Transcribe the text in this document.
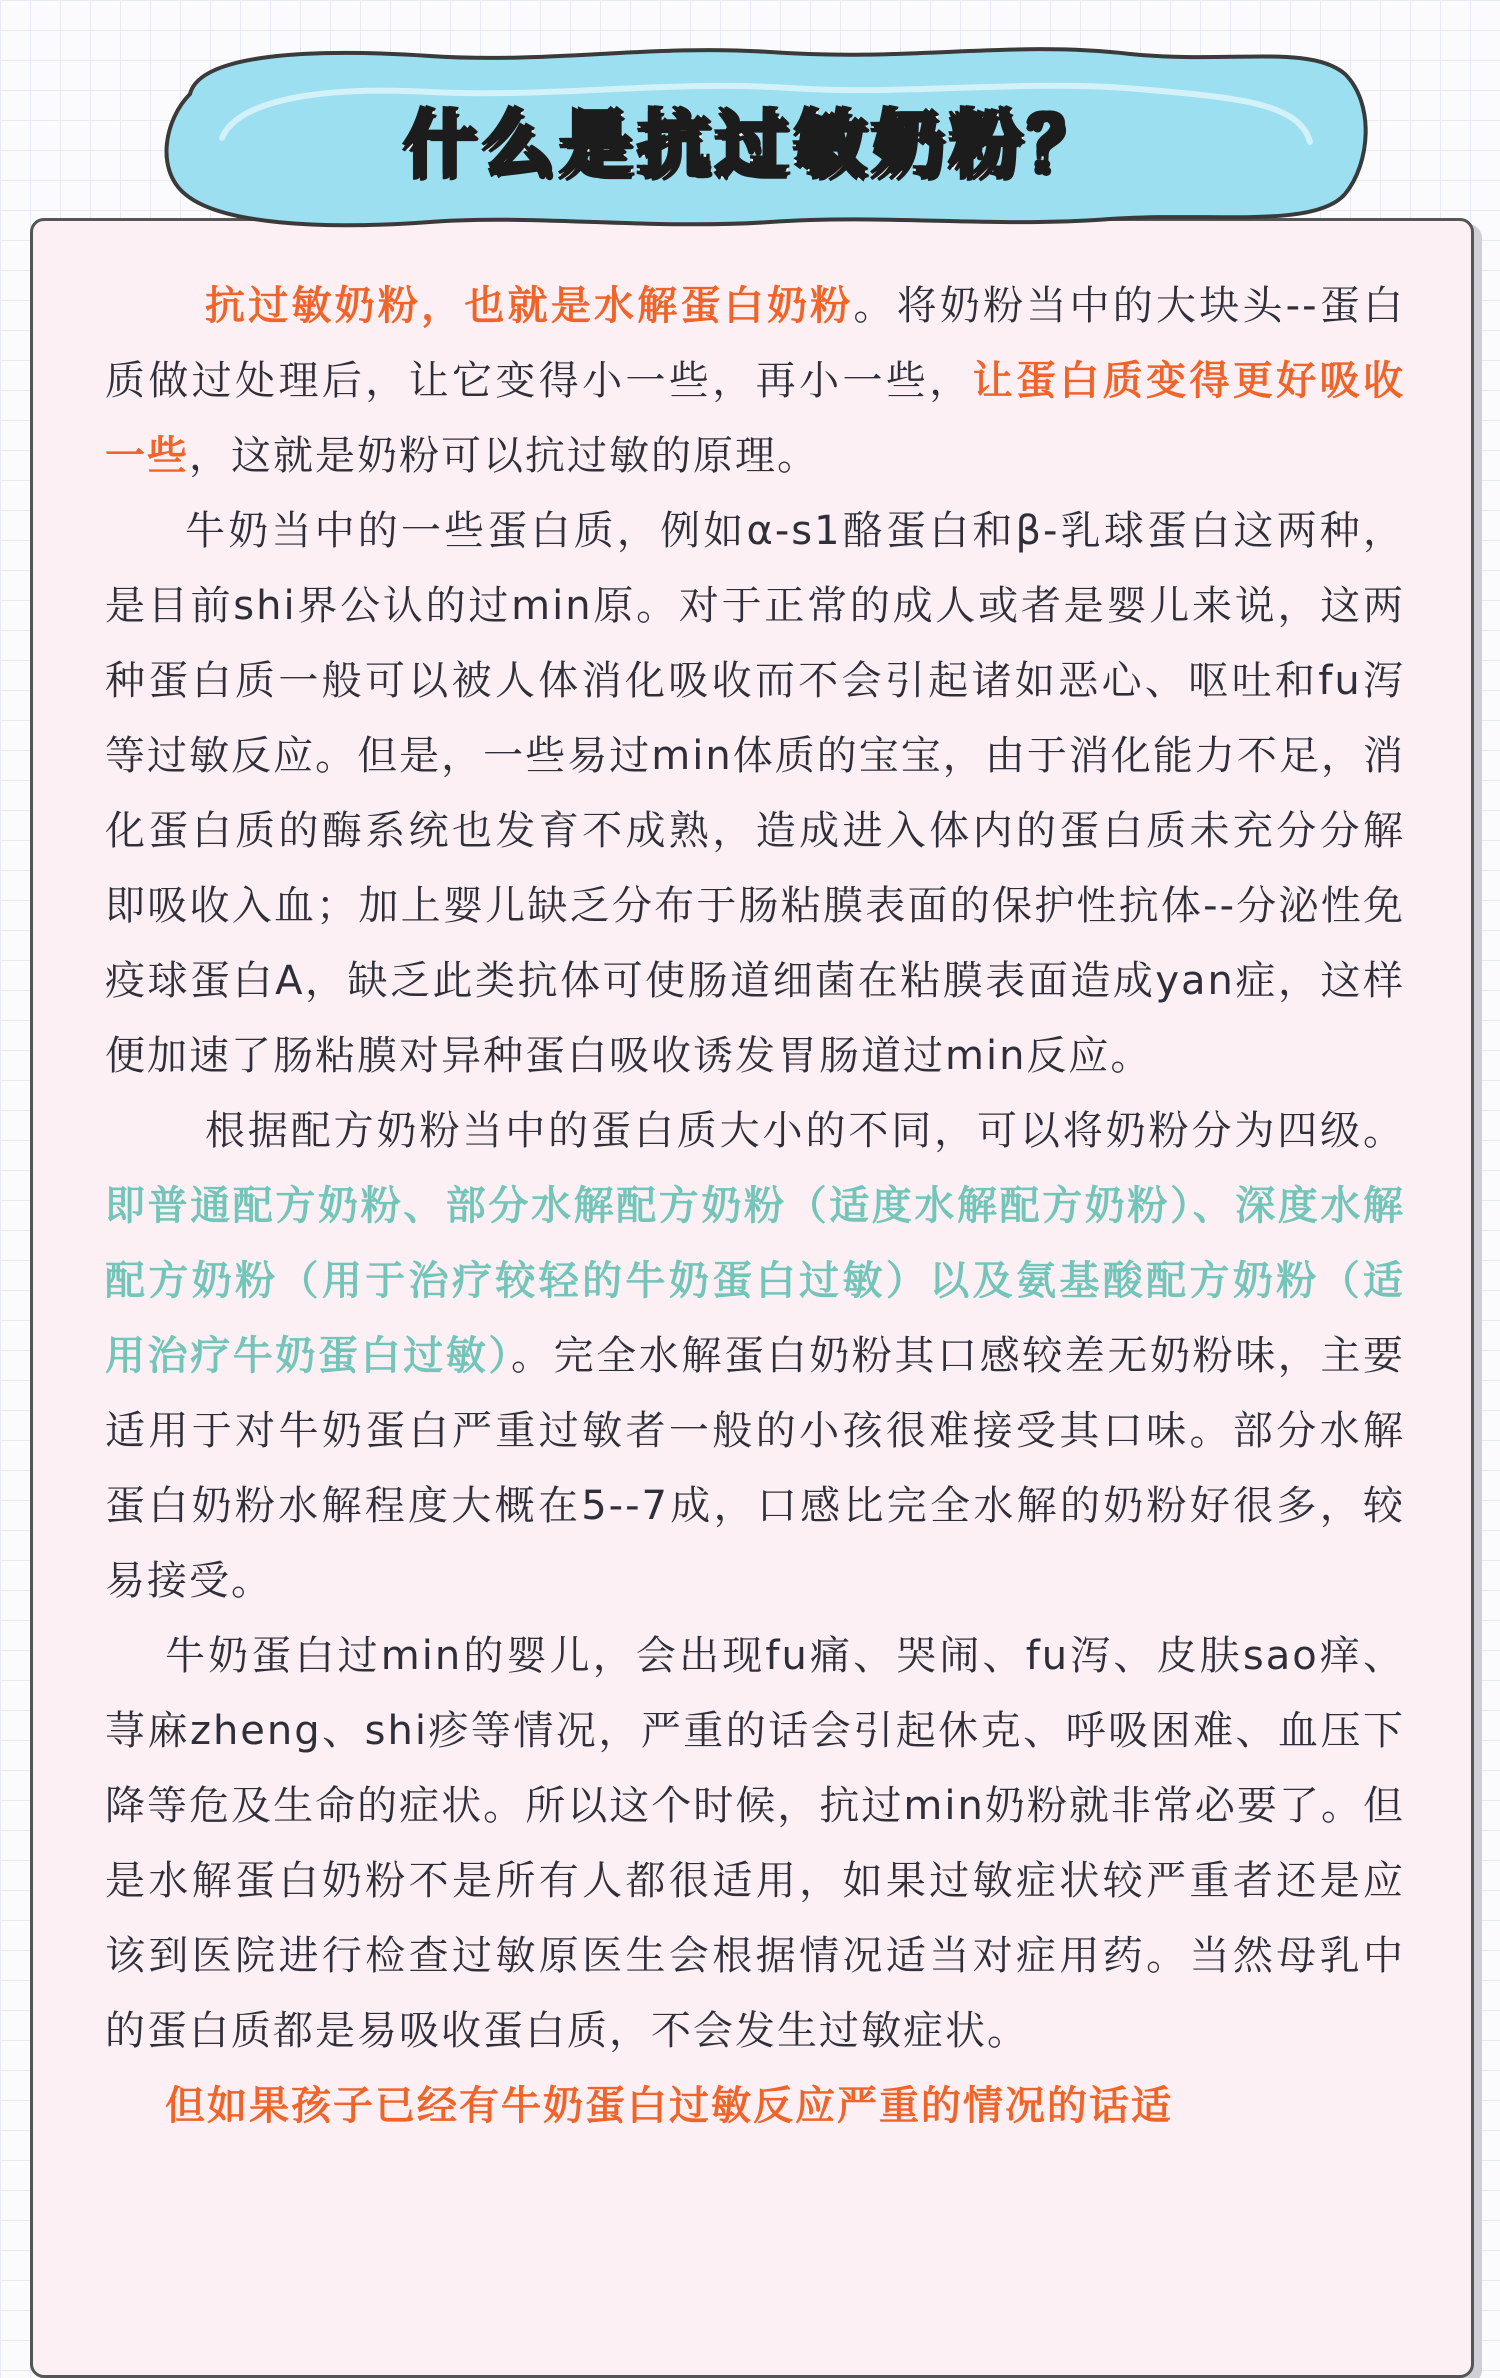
抗过敏奶粉，也就是水解蛋白奶粉。将奶粉当中的大块头--蛋白质做过处理后，让它变得小一些，再小一些，让蛋白质变得更好吸收一些，这就是奶粉可以抗过敏的原理。

牛奶当中的一些蛋白质，例如α-s1酪蛋白和β-乳球蛋白这两种，是目前shi界公认的过min原。对于正常的成人或者是婴儿来说，这两种蛋白质一般可以被人体消化吸收而不会引起诸如恶心、呕吐和fu泻等过敏反应。但是，一些易过min体质的宝宝，由于消化能力不足，消化蛋白质的酶系统也发育不成熟，造成进入体内的蛋白质未充分分解即吸收入血；加上婴儿缺乏分布于肠粘膜表面的保护性抗体--分泌性免疫球蛋白A，缺乏此类抗体可使肠道细菌在粘膜表面造成yan症，这样便加速了肠粘膜对异种蛋白吸收诱发胃肠道过min反应。

根据配方奶粉当中的蛋白质大小的不同，可以将奶粉分为四级。即普通配方奶粉、部分水解配方奶粉（适度水解配方奶粉）、深度水解配方奶粉（用于治疗较轻的牛奶蛋白过敏）以及氨基酸配方奶粉（适用治疗牛奶蛋白过敏）。完全水解蛋白奶粉其口感较差无奶粉味，主要适用于对牛奶蛋白严重过敏者一般的小孩很难接受其口味。部分水解蛋白奶粉水解程度大概在5--7成，口感比完全水解的奶粉好很多，较易接受。

牛奶蛋白过min的婴儿，会出现fu痛、哭闹、fu泻、皮肤sao痒、荨麻zheng、shi疹等情况，严重的话会引起休克、呼吸困难、血压下降等危及生命的症状。所以这个时候，抗过min奶粉就非常必要了。但是水解蛋白奶粉不是所有人都很适用，如果过敏症状较严重者还是应该到医院进行检查过敏原医生会根据情况适当对症用药。当然母乳中的蛋白质都是易吸收蛋白质，不会发生过敏症状。

但如果孩子已经有牛奶蛋白过敏反应严重的情况的话适

什么是抗过敏奶粉？
